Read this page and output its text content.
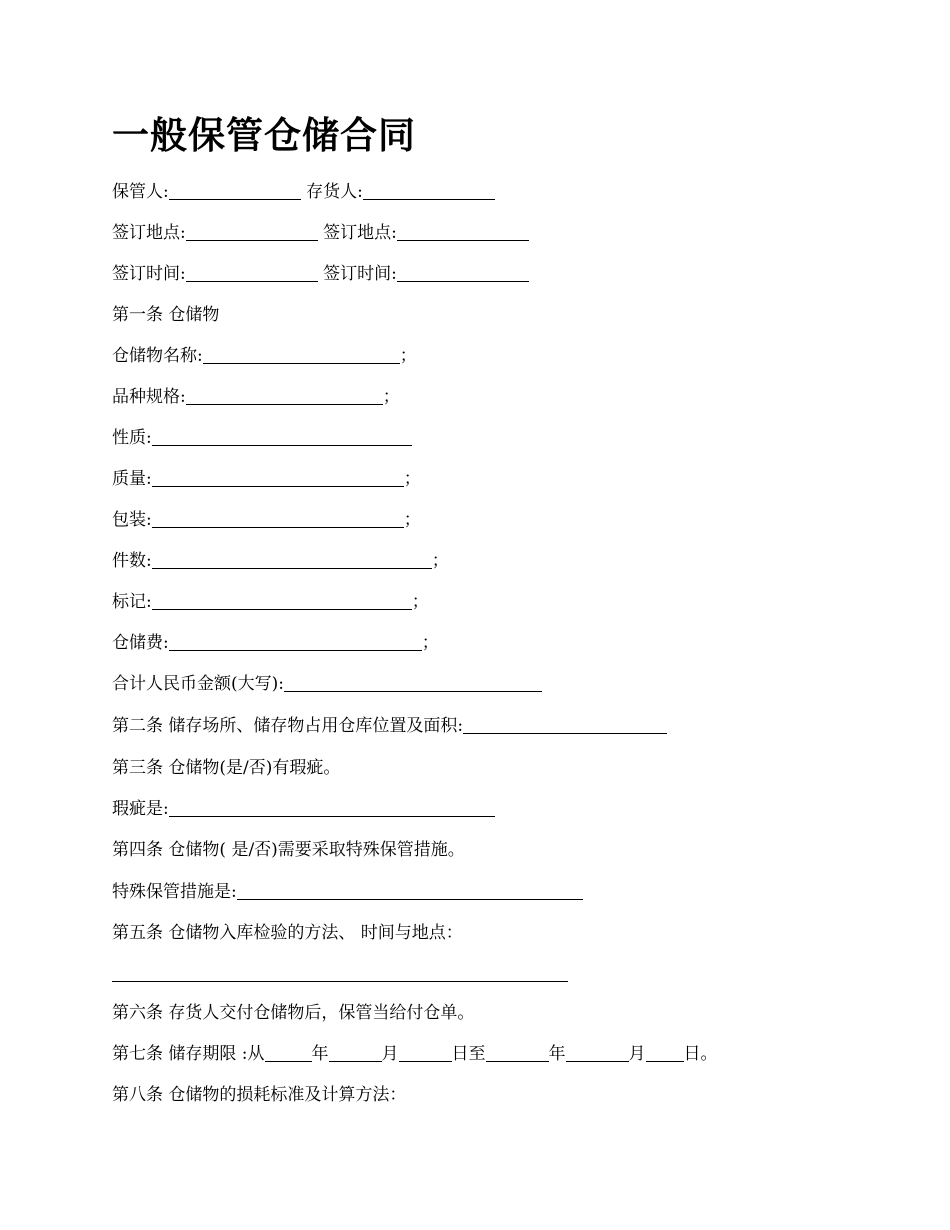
一般保管仓储合同
保管人:	存货人:
签订地点:	签订地点:
签订时间:	签订时间:
第一条 仓储物
仓储物名称:	；
品种规格:	；
性质:
质量:	；
包装:	；
件数:	；
标记:	；
仓储费:	；
合计人民币金额(大写):
第二条 储存场所、储存物占用仓库位置及面积:
第三条 仓储物(是/否)有瑕疵。
瑕疵是:
第四条 仓储物( 是/否)需要采取特殊保管措施。
特殊保管措施是:
第五条 仓储物入库检验的方法、 时间与地点：
第六条 存货人交付仓储物后，保管当给付仓单。
第七条 储存期限 :从	年	月	日至	年	月 日。
第八条 仓储物的损耗标准及计算方法：
